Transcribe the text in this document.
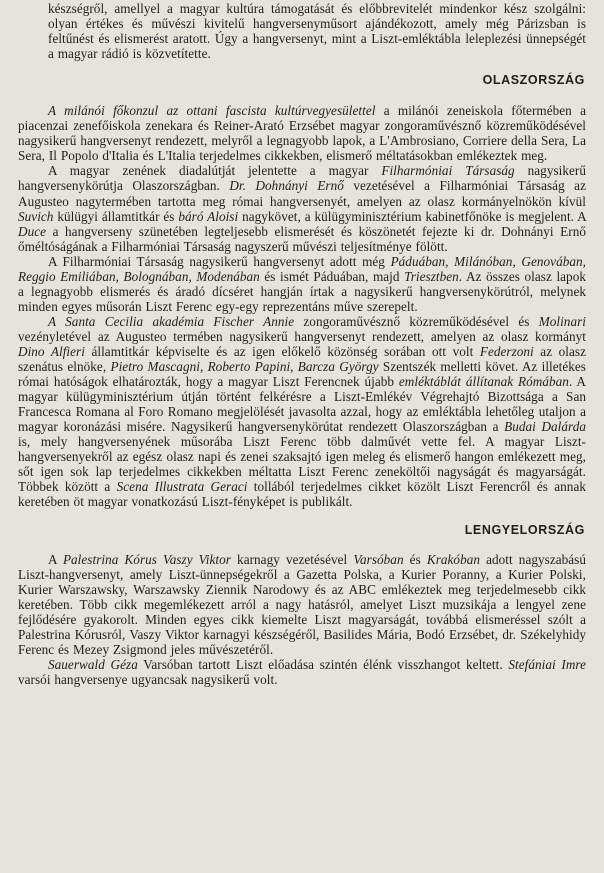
készségről, amellyel a magyar kultúra támogatását és előbbrevitelét mindenkor kész szolgálni: olyan értékes és művészi kivitelű hangversenyműsort ajándékozott, amely még Párizsban is feltűnést és elismerést aratott. Úgy a hangversenyt, mint a Liszt-emléktábla leleplezési ünnepségét a magyar rádió is közvetítette.

OLASZORSZÁG

A milánói főkonzul az ottani fascista kultúrvegyesülettel a milánói zeneiskola főtermében a piacenzai zenefőiskola zenekara és Reiner-Arató Erzsébet magyar zongoraművésznő közreműködésével nagysikerű hangversenyt rendezett, melyről a legnagyobb lapok, a L'Ambrosiano, Corriere della Sera, La Sera, Il Popolo d'Italia és L'Italia terjedelmes cikkekben, elismerő méltatásokban emlékeztek meg.

A magyar zenének diadalútját jelentette a magyar Filharmóniai Társaság nagysikerű hangversenykörútja Olaszországban. Dr. Dohnányi Ernő vezetésével a Filharmóniai Társaság az Augusteo nagytermében tartotta meg római hangversenyét, amelyen az olasz kormányelnökön kívül Suvich külügyi államtitkár és báró Aloisi nagykövet, a külügyminisztérium kabinetfőnöke is megjelent. A Duce a hangverseny szünetében legteljesebb elismerését és köszönetét fejezte ki dr. Dohnányi Ernő őméltóságának a Filharmóniai Társaság nagyszerű művészi teljesítménye fölött.

A Filharmóniai Társaság nagysikerű hangversenyt adott még Páduában, Milánóban, Genovában, Reggio Emiliában, Bolognában, Modenában és ismét Páduában, majd Triesztben. Az összes olasz lapok a legnagyobb elismerés és áradó dícséret hangján írtak a nagysikerű hangversenykörútról, melynek minden egyes műsorán Liszt Ferenc egy-egy reprezentáns műve szerepelt.

A Santa Cecilia akadémia Fischer Annie zongoraművésznő közreműködésével és Molinari vezényletével az Augusteo termében nagysikerű hangversenyt rendezett, amelyen az olasz kormányt Dino Alfieri államtitkár képviselte és az igen előkelő közönség sorában ott volt Federzoni az olasz szenátus elnöke, Pietro Mascagni, Roberto Papini, Barcza György Szentszék melletti követ. Az illetékes római hatóságok elhatározták, hogy a magyar Liszt Ferencnek újabb emléktáblát állítanak Rómában. A magyar külügyminisztérium útján történt felkérésre a Liszt-Emlékév Végrehajtó Bizottsága a San Francesca Romana al Foro Romano megjelölését javasolta azzal, hogy az emléktábla lehetőleg utaljon a magyar koronázási misére. Nagysikerű hangversenykörútat rendezett Olaszországban a Budai Dalárda is, mely hangversenyének műsorába Liszt Ferenc több dalművét vette fel. A magyar Liszt-hangversenyekről az egész olasz napi és zenei szaksajtó igen meleg és elismerő hangon emlékezett meg, sőt igen sok lap terjedelmes cikkekben méltatta Liszt Ferenc zeneköltői nagyságát és magyarságát. Többek között a Scena Illustrata Geraci tollából terjedelmes cikket közölt Liszt Ferencről és annak keretében öt magyar vonatkozású Liszt-fényképet is publikált.

LENGYELORSZÁG

A Palestrina Kórus Vaszy Viktor karnagy vezetésével Varsóban és Krakóban adott nagyszabású Liszt-hangversenyt, amely Liszt-ünnepségekről a Gazetta Polska, a Kurier Poranny, a Kurier Polski, Kurier Warszawsky, Warszawsky Ziennik Narodowy és az ABC emlékeztek meg terjedelmesebb cikk keretében. Több cikk megemlékezett arról a nagy hatásról, amelyet Liszt muzsikája a lengyel zene fejlődésére gyakorolt. Minden egyes cikk kiemelte Liszt magyarságát, továbbá elismeréssel szólt a Palestrina Kórusról, Vaszy Viktor karnagyi készségéről, Basilides Mária, Bodó Erzsébet, dr. Székelyhidy Ferenc és Mezey Zsigmond jeles művészetéről.

Sauerwald Géza Varsóban tartott Liszt előadása szintén élénk visszhangot keltett. Stefániai Imre varsói hangversenye ugyancsak nagysikerű volt.
